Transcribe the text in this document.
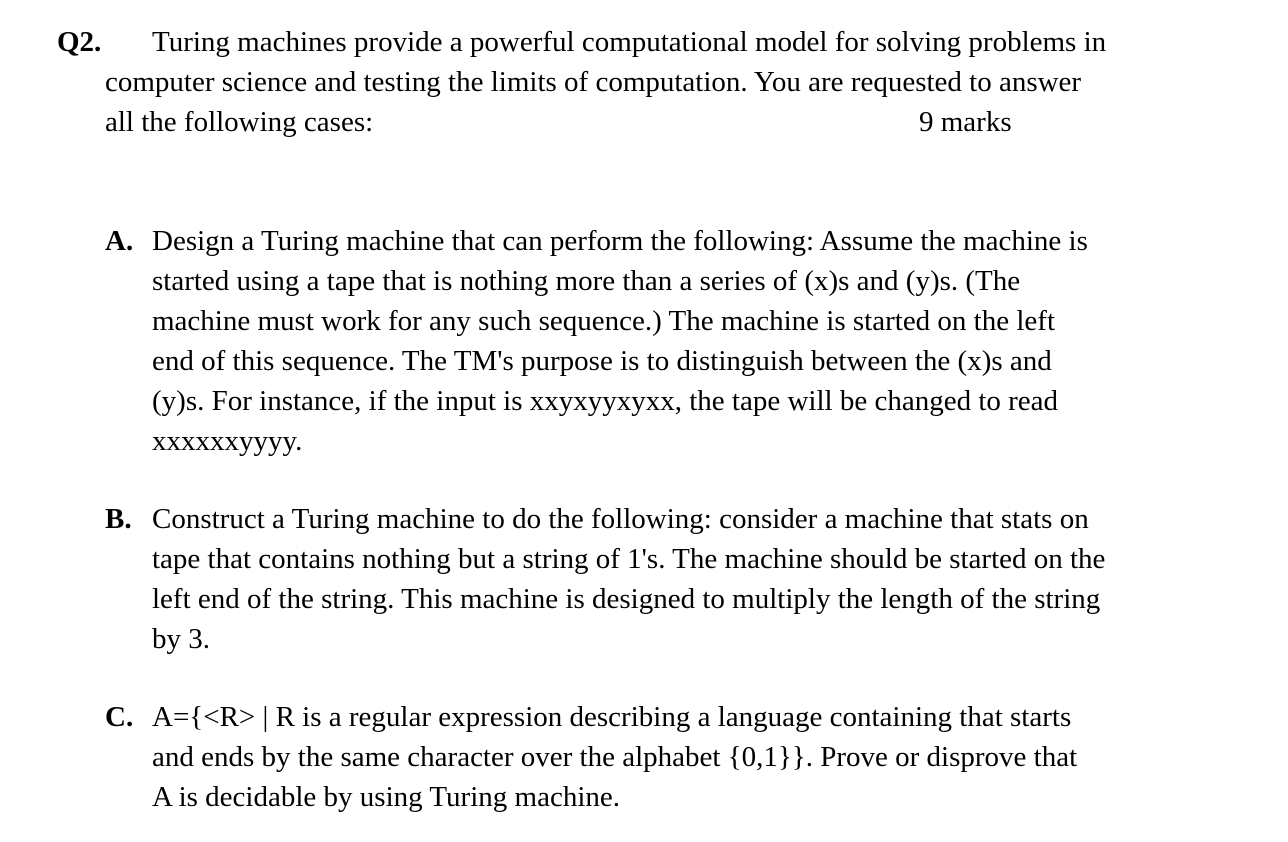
Q2. Turing machines provide a powerful computational model for solving problems in
computer science and testing the limits of computation. You are requested to answer
all the following cases:	9 marks
A. Design a Turing machine that can perform the following: Assume the machine is
started using a tape that is nothing more than a series of (x)s and (y)s. (The
machine must work for any such sequence.) The machine is started on the left
end of this sequence. The TM's purpose is to distinguish between the (x)s and
(y)s. For instance, if the input is xxyxyyxyxx, the tape will be changed to read
xxxxxxyyyy.
B. Construct a Turing machine to do the following: consider a machine that stats on
tape that contains nothing but a string of 1's. The machine should be started on the
left end of the string. This machine is designed to multiply the length of the string
by 3.
C. A={<R> | R is a regular expression describing a language containing that starts
and ends by the same character over the alphabet {0,1}}. Prove or disprove that
A is decidable by using Turing machine.
